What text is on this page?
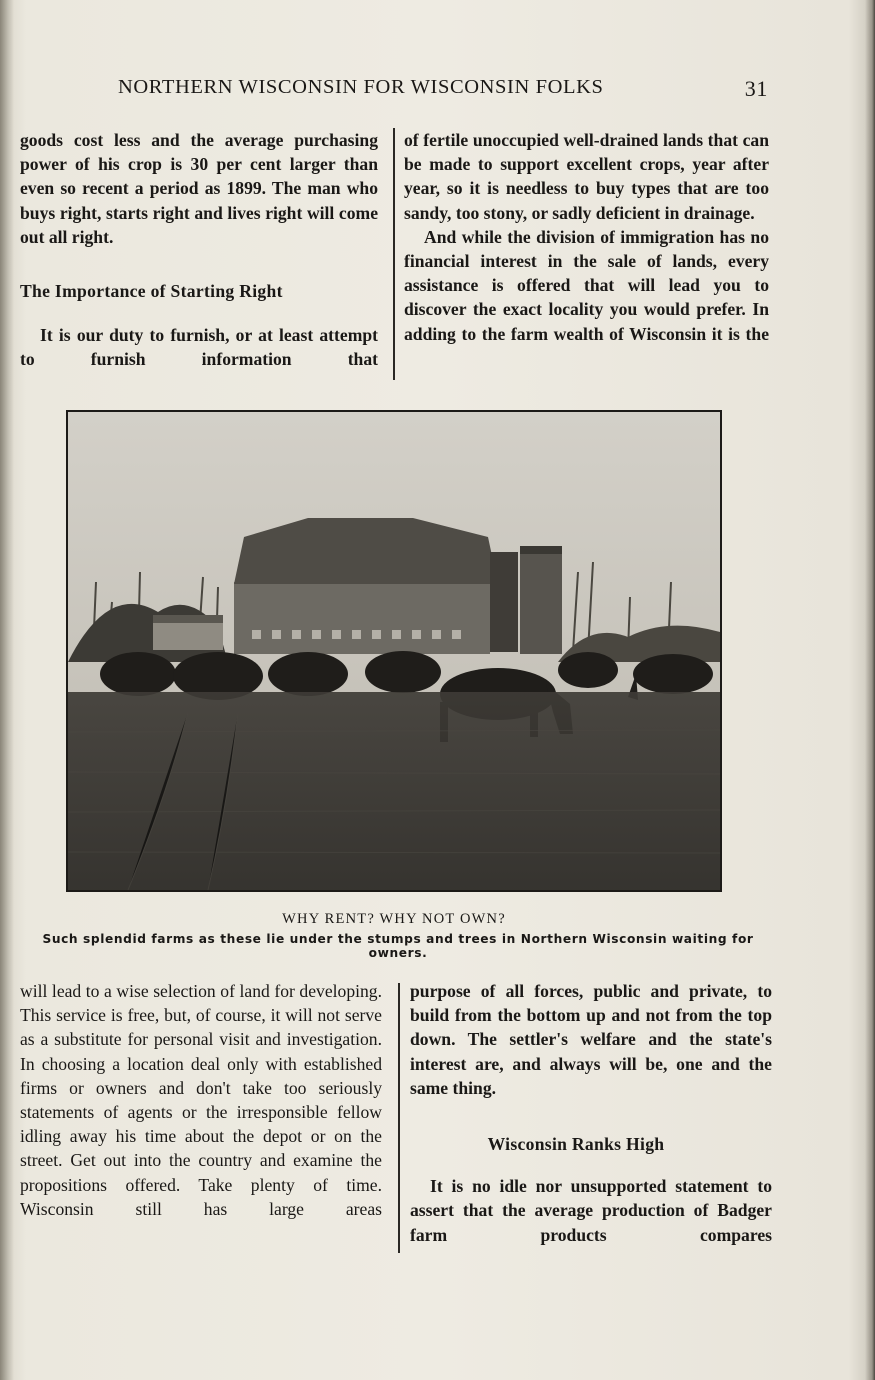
NORTHERN WISCONSIN FOR WISCONSIN FOLKS	31

goods cost less and the average purchasing power of his crop is 30 per cent larger than even so recent a period as 1899. The man who buys right, starts right and lives right will come out all right.

The Importance of Starting Right

It is our duty to furnish, or at least attempt to furnish information that

of fertile unoccupied well-drained lands that can be made to support excellent crops, year after year, so it is needless to buy types that are too sandy, too stony, or sadly deficient in drainage.

And while the division of immigration has no financial interest in the sale of lands, every assistance is offered that will lead you to discover the exact locality you would prefer. In adding to the farm wealth of Wisconsin it is the

WHY RENT? WHY NOT OWN?
Such splendid farms as these lie under the stumps and trees in Northern Wisconsin waiting for owners.

will lead to a wise selection of land for developing. This service is free, but, of course, it will not serve as a substitute for personal visit and investigation. In choosing a location deal only with established firms or owners and don't take too seriously statements of agents or the irresponsible fellow idling away his time about the depot or on the street. Get out into the country and examine the propositions offered. Take plenty of time. Wisconsin still has large areas

purpose of all forces, public and private, to build from the bottom up and not from the top down. The settler's welfare and the state's interest are, and always will be, one and the same thing.

Wisconsin Ranks High

It is no idle nor unsupported statement to assert that the average production of Badger farm products compares
